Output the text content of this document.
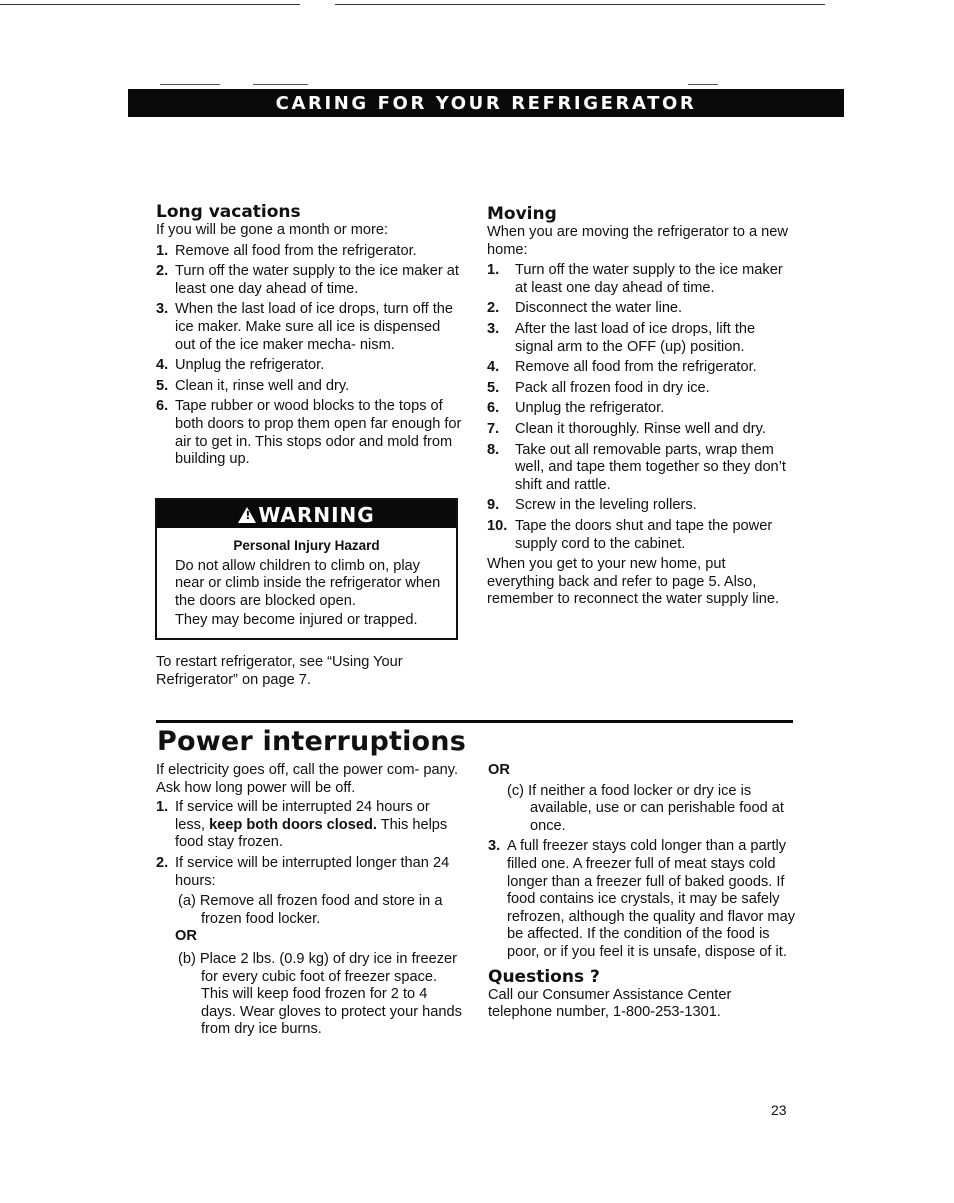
CARING FOR YOUR REFRIGERATOR
Long vacations

If you will be gone a month or more:

1. Remove all food from the refrigerator.
2. Turn off the water supply to the ice maker at least one day ahead of time.
3. When the last load of ice drops, turn off the ice maker. Make sure all ice is dispensed out of the ice maker mecha- nism.
4. Unplug the refrigerator.
5. Clean it, rinse well and dry.
6. Tape rubber or wood blocks to the tops of both doors to prop them open far enough for air to get in. This stops odor and mold from building up.
!WARNING
Personal Injury Hazard

Do not allow children to climb on, play near or climb inside the refrigerator when the doors are blocked open.

They may become injured or trapped.

To restart refrigerator, see “Using Your Refrigerator” on page 7.

Moving

When you are moving the refrigerator to a new home:

1. Turn off the water supply to the ice maker at least one day ahead of time.
2. Disconnect the water line.
3. After the last load of ice drops, lift the signal arm to the OFF (up) position.
4. Remove all food from the refrigerator.
5. Pack all frozen food in dry ice.
6. Unplug the refrigerator.
7. Clean it thoroughly. Rinse well and dry.
8. Take out all removable parts, wrap them well, and tape them together so they don’t shift and rattle.
9. Screw in the leveling rollers.
10. Tape the doors shut and tape the power supply cord to the cabinet.

When you get to your new home, put everything back and refer to page 5. Also, remember to reconnect the water supply line.

Power interruptions

If electricity goes off, call the power com- pany. Ask how long power will be off.

1. If service will be interrupted 24 hours or less, keep both doors closed. This helps food stay frozen.
2. If service will be interrupted longer than 24 hours:

(a) Remove all frozen food and store in a frozen food locker.

OR

(b) Place 2 lbs. (0.9 kg) of dry ice in freezer for every cubic foot of freezer space. This will keep food frozen for 2 to 4 days. Wear gloves to protect your hands from dry ice burns.

OR

(c) If neither a food locker or dry ice is available, use or can perishable food at once.

3. A full freezer stays cold longer than a partly filled one. A freezer full of meat stays cold longer than a freezer full of baked goods. If food contains ice crystals, it may be safely refrozen, although the quality and flavor may be affected. If the condition of the food is poor, or if you feel it is unsafe, dispose of it.
Questions ?

Call our Consumer Assistance Center telephone number, 1-800-253-1301.

23
